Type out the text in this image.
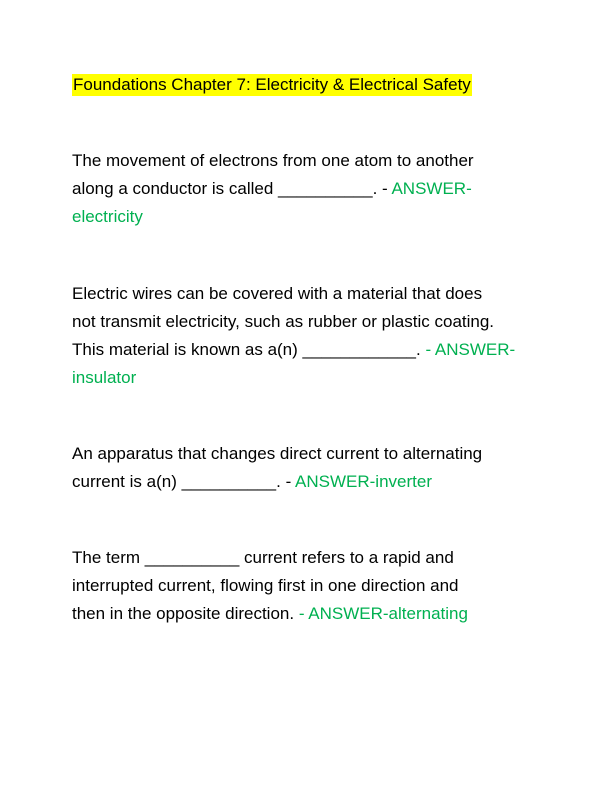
Foundations Chapter 7: Electricity & Electrical Safety

The movement of electrons from one atom to another

along a conductor is called __________. - ANSWER-

electricity

Electric wires can be covered with a material that does

not transmit electricity, such as rubber or plastic coating.

This material is known as a(n) ____________. - ANSWER-

insulator

An apparatus that changes direct current to alternating

current is a(n) __________. - ANSWER-inverter

The term __________ current refers to a rapid and

interrupted current, flowing first in one direction and

then in the opposite direction. - ANSWER-alternating
